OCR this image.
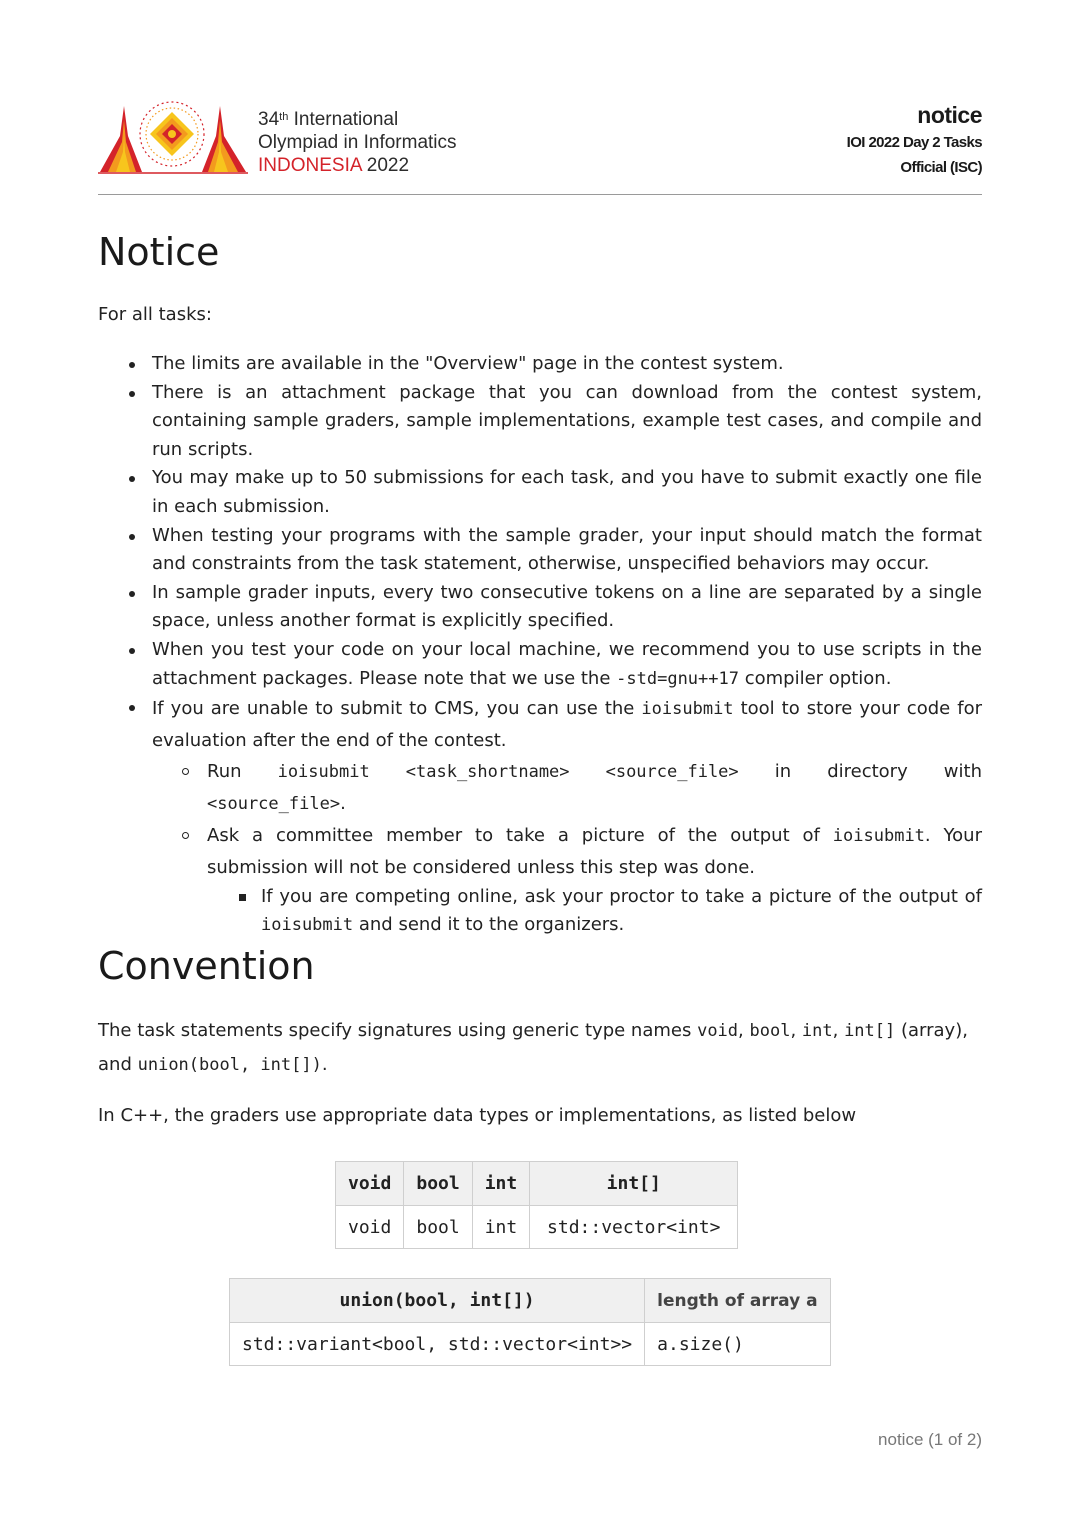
34th International
Olympiad in Informatics
INDONESIA 2022
notice
IOI 2022 Day 2 Tasks
Official (ISC)
Notice
For all tasks:
The limits are available in the "Overview" page in the contest system.
There is an attachment package that you can download from the contest system, containing sample graders, sample implementations, example test cases, and compile and run scripts.
You may make up to 50 submissions for each task, and you have to submit exactly one file in each submission.
When testing your programs with the sample grader, your input should match the format and constraints from the task statement, otherwise, unspecified behaviors may occur.
In sample grader inputs, every two consecutive tokens on a line are separated by a single space, unless another format is explicitly specified.
When you test your code on your local machine, we recommend you to use scripts in the attachment packages. Please note that we use the -std=gnu++17 compiler option.
If you are unable to submit to CMS, you can use the ioisubmit tool to store your code for evaluation after the end of the contest.
Run ioisubmit <task_shortname> <source_file> in directory with
<source_file>.
Ask a committee member to take a picture of the output of ioisubmit. Your submission will not be considered unless this step was done.
If you are competing online, ask your proctor to take a picture of the output of ioisubmit and send it to the organizers.
Convention
The task statements specify signatures using generic type names void, bool, int, int[] (array), and union(bool, int[]).
In C++, the graders use appropriate data types or implementations, as listed below
void	bool	int	int[]
void	bool	int	std::vector<int>
union(bool, int[])	length of array a
std::variant<bool, std::vector<int>>	a.size()
notice (1 of 2)
